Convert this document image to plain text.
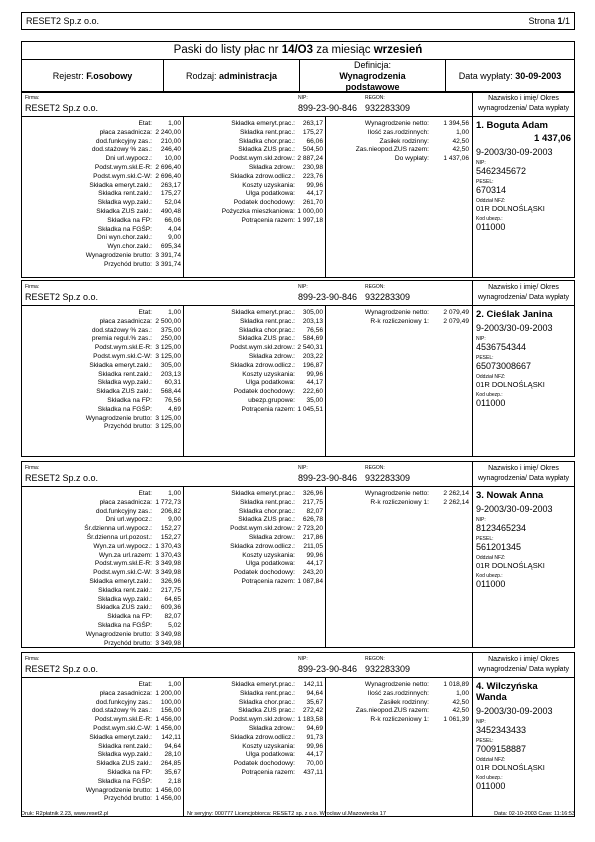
RESET2 Sp.z o.o.	Strona 1/1
Paski do listy płac nr 14/O3 za miesiąc wrzesień
Rejestr: F.osobowy	Rodzaj: administracja
Definicja: Wynagrodzenia podstawowe
Data wypłaty: 30-09-2003
Firma:
RESET2 Sp.z o.o.
NIP:
899-23-90-846
REGON:
932283309
Nazwisko i imię/ Okres wynagrodzenia/ Data wypłaty
Etat:	1,00
płaca zasadnicza: 2 240,00
dod.funkcyjny zas.:	210,00
dod.stażowy % zas.:	246,40
Dni url.wypocz.:	10,00
Podst.wym.skł.E-R: 2 696,40
Podst.wym.skł.C-W: 2 696,40
Składka emeryt.zakł.:	263,17
Składka rent.zakł.:	175,27
Składka wyp.zakł.:	52,04
Składka ZUS zakł.:	490,48
Składka na FP:	66,06
Składka na FGŚP:	4,04
Dni wyn.chor.zakł.:	9,00
Wyn.chor.zakł.:	695,34
Wynagrodzenie brutto: 3 391,74
Przychód brutto: 3 391,74
Składka emeryt.prac.:	263,17
Składka rent.prac.:	175,27
Składka chor.prac.:	66,06
Składka ZUS prac.:	504,50
Podst.wym.skł.zdrow.: 2 887,24
Składka zdrow.:	230,98
Składka zdrow.odlicz.:	223,76
Koszty uzyskania:	99,96
Ulga podatkowa:	44,17
Podatek dochodowy:	261,70
Pożyczka mieszkaniowa: 1 000,00
Potrącenia razem: 1 997,18
Wynagrodzenie netto:	1 394,56
Ilość zas.rodzinnych:	1,00
Zasiłek rodzinny:	42,50
Zas.nieopod.ZUS razem:	42,50
Do wypłaty:	1 437,06
1. Boguta Adam
1 437,06
9-2003/30-09-2003
NIP:
5462345672
PESEL:
670314
Oddział NFZ:
01R DOLNOŚLĄSKI
Kod ubezp.:
011000
Firma:
RESET2 Sp.z o.o.
NIP:
899-23-90-846
REGON:
932283309
Nazwisko i imię/ Okres wynagrodzenia/ Data wypłaty
Etat:	1,00
płaca zasadnicza: 2 500,00
dod.stażowy % zas.:	375,00
premia regul.% zas.:	250,00
Podst.wym.skł.E-R: 3 125,00
Podst.wym.skł.C-W: 3 125,00
Składka emeryt.zakł.:	305,00
Składka rent.zakł.:	203,13
Składka wyp.zakł.:	60,31
Składka ZUS zakł.:	568,44
Składka na FP:	76,56
Składka na FGŚP:	4,69
Wynagrodzenie brutto: 3 125,00
Przychód brutto: 3 125,00
Składka emeryt.prac.:	305,00
Składka rent.prac.:	203,13
Składka chor.prac.:	76,56
Składka ZUS prac.:	584,69
Podst.wym.skł.zdrow.: 2 540,31
Składka zdrow.:	203,22
Składka zdrow.odlicz.:	196,87
Koszty uzyskania:	99,96
Ulga podatkowa:	44,17
Podatek dochodowy:	222,60
ubezp.grupowe:	35,00
Potrącenia razem: 1 045,51
Wynagrodzenie netto:	2 079,49
R-k rozliczeniowy 1:	2 079,49
2. Cieślak Janina
9-2003/30-09-2003
NIP:
4536754344
PESEL:
65073008667
Oddział NFZ:
01R DOLNOŚLĄSKI
Kod ubezp.:
011000
Firma:
RESET2 Sp.z o.o.
NIP:
899-23-90-846
REGON:
932283309
Nazwisko i imię/ Okres wynagrodzenia/ Data wypłaty
Etat:	1,00
płaca zasadnicza: 1 772,73
dod.funkcyjny zas.:	206,82
Dni url.wypocz.:	9,00
Śr.dzienna url.wypocz.:	152,27
Śr.dzienna url.pozost.:	152,27
Wyn.za url.wypocz.: 1 370,43
Wyn.za url.razem: 1 370,43
Podst.wym.skł.E-R: 3 349,98
Podst.wym.skł.C-W: 3 349,98
Składka emeryt.zakł.:	326,96
Składka rent.zakł.:	217,75
Składka wyp.zakł.:	64,65
Składka ZUS zakł.:	609,36
Składka na FP:	82,07
Składka na FGŚP:	5,02
Wynagrodzenie brutto: 3 349,98
Przychód brutto: 3 349,98
Składka emeryt.prac.:	326,96
Składka rent.prac.:	217,75
Składka chor.prac.:	82,07
Składka ZUS prac.:	626,78
Podst.wym.skł.zdrow.: 2 723,20
Składka zdrow.:	217,86
Składka zdrow.odlicz.:	211,05
Koszty uzyskania:	99,96
Ulga podatkowa:	44,17
Podatek dochodowy:	243,20
Potrącenia razem: 1 087,84
Wynagrodzenie netto:	2 262,14
R-k rozliczeniowy 1:	2 262,14
3. Nowak Anna
9-2003/30-09-2003
NIP:
8123465234
PESEL:
561201345
Oddział NFZ:
01R DOLNOŚLĄSKI
Kod ubezp.:
011000
Firma:
RESET2 Sp.z o.o.
NIP:
899-23-90-846
REGON:
932283309
Nazwisko i imię/ Okres wynagrodzenia/ Data wypłaty
Etat:	1,00
płaca zasadnicza: 1 200,00
dod.funkcyjny zas.:	100,00
dod.stażowy % zas.:	156,00
Podst.wym.skł.E-R: 1 456,00
Podst.wym.skł.C-W: 1 456,00
Składka emeryt.zakł.:	142,11
Składka rent.zakł.:	94,64
Składka wyp.zakł.:	28,10
Składka ZUS zakł.:	264,85
Składka na FP:	35,67
Składka na FGŚP:	2,18
Wynagrodzenie brutto: 1 456,00
Przychód brutto: 1 456,00
Składka emeryt.prac.:	142,11
Składka rent.prac.:	94,64
Składka chor.prac.:	35,67
Składka ZUS prac.:	272,42
Podst.wym.skł.zdrow.: 1 183,58
Składka zdrow.:	94,69
Składka zdrow.odlicz.:	91,73
Koszty uzyskania:	99,96
Ulga podatkowa:	44,17
Podatek dochodowy:	70,00
Potrącenia razem:	437,11
Wynagrodzenie netto:	1 018,89
Ilość zas.rodzinnych:	1,00
Zasiłek rodzinny:	42,50
Zas.nieopod.ZUS razem:	42,50
R-k rozliczeniowy 1:	1 061,39
4. Wilczyńska Wanda
9-2003/30-09-2003
NIP:
3452343433
PESEL:
7009158887
Oddział NFZ:
01R DOLNOŚLĄSKI
Kod ubezp.:
011000
Druk: R2płatnik 2.23, www.reset2.pl	Nr seryjny: 000777 Licencjobiorca: RESET2 sp. z o.o. Wrocław ul.Mazowiecka 17	Data: 02-10-2003 Czas: 11:16:53
